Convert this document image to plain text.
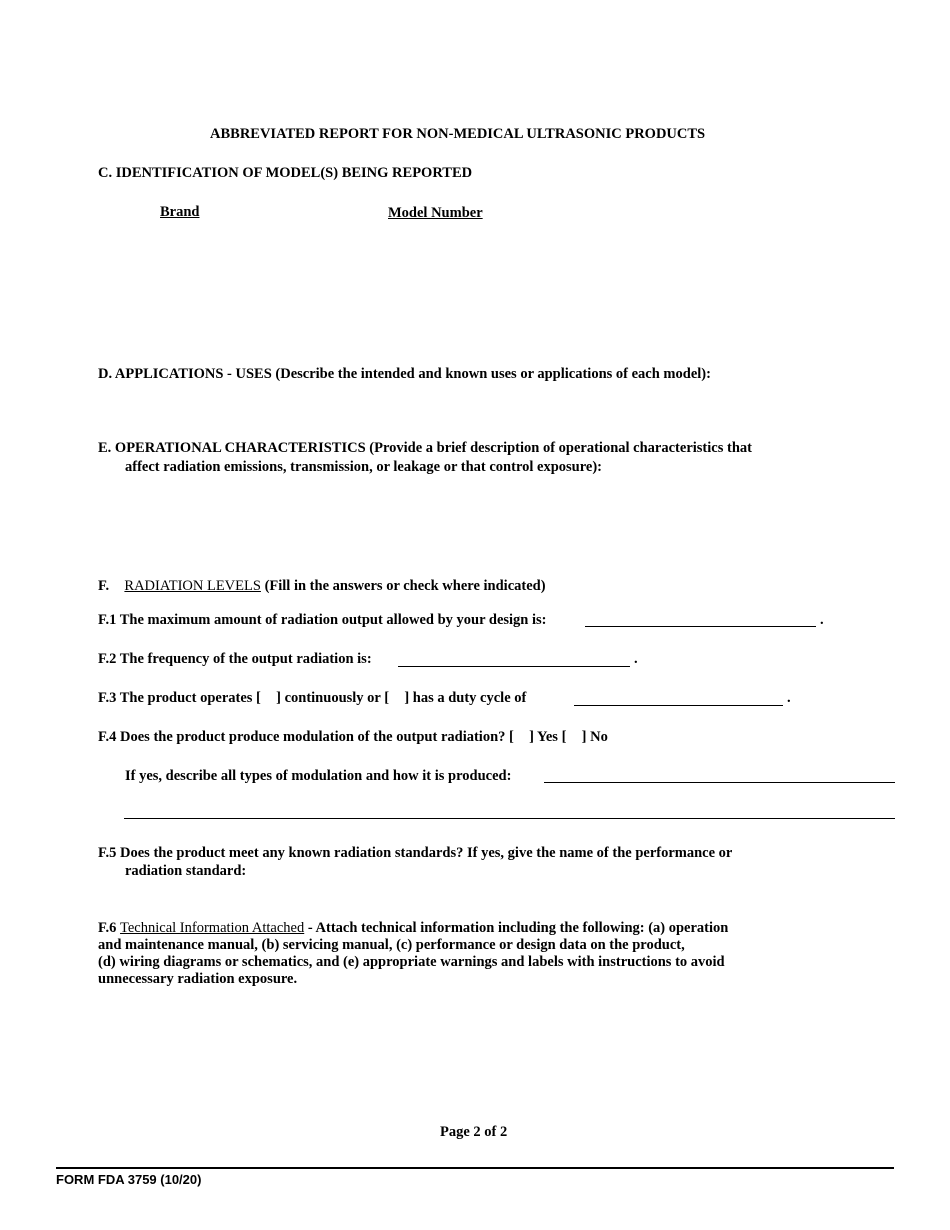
ABBREVIATED REPORT FOR NON-MEDICAL ULTRASONIC PRODUCTS
C. IDENTIFICATION OF MODEL(S) BEING REPORTED
Brand	Model Number
D. APPLICATIONS - USES (Describe the intended and known uses or applications of each model):
E. OPERATIONAL CHARACTERISTICS (Provide a brief description of operational characteristics that
affect radiation emissions, transmission, or leakage or that control exposure):
F. RADIATION LEVELS (Fill in the answers or check where indicated)
F.1 The maximum amount of radiation output allowed by your design is:	.
F.2 The frequency of the output radiation is:	.
F.3 The product operates [ ] continuously or [ ] has a duty cycle of	.
F.4 Does the product produce modulation of the output radiation? [ ] Yes [ ] No
If yes, describe all types of modulation and how it is produced:
F.5 Does the product meet any known radiation standards? If yes, give the name of the performance or
radiation standard:
F.6 Technical Information Attached - Attach technical information including the following: (a) operation
and maintenance manual, (b) servicing manual, (c) performance or design data on the product,
(d) wiring diagrams or schematics, and (e) appropriate warnings and labels with instructions to avoid
unnecessary radiation exposure.
Page 2 of 2
FORM FDA 3759 (10/20)
